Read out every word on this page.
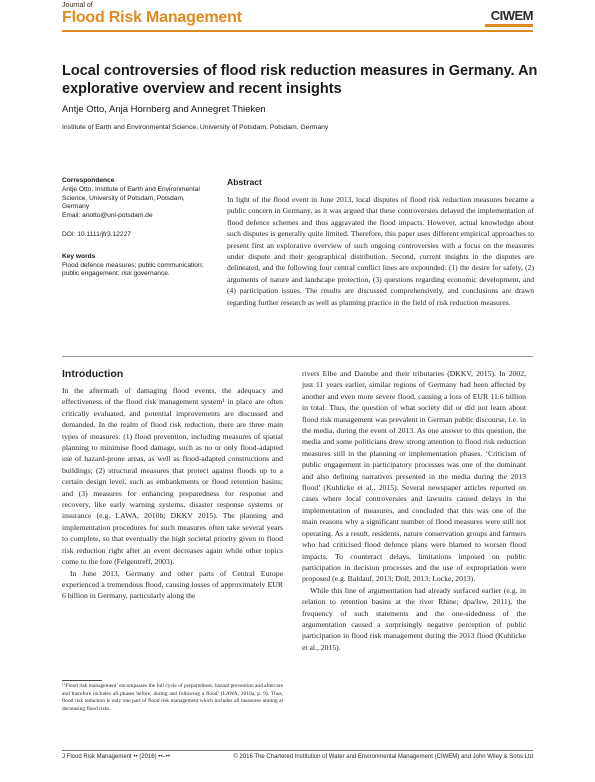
Journal of
Flood Risk Management	CIWEM
Local controversies of flood risk reduction measures in Germany. An explorative overview and recent insights
Antje Otto, Anja Hornberg and Annegret Thieken
Institute of Earth and Environmental Science, University of Potsdam, Potsdam, Germany

Correspondence

Antje Otto, Institute of Earth and Environmental Science, University of Potsdam, Potsdam, Germany

Email: anotto@uni-potsdam.de

DOI: 10.1111/jfr3.12227

Key words

Flood defence measures; public communication; public engagement; risk governance.

Abstract
In light of the flood event in June 2013, local disputes of flood risk reduction measures became a public concern in Germany, as it was argued that these controversies delayed the implementation of flood defence schemes and thus aggravated the flood impacts. However, actual knowledge about such disputes is generally quite limited. Therefore, this paper uses different empirical approaches to present first an explorative overview of such ongoing controversies with a focus on the measures under dispute and their geographical distribution. Second, current insights in the disputes are delineated, and the following four central conflict lines are expounded: (1) the desire for safety, (2) arguments of nature and landscape protection, (3) questions regarding economic development, and (4) participation issues. The results are discussed comprehensively, and conclusions are drawn regarding further research as well as planning practice in the field of risk reduction measures.
Introduction

In the aftermath of damaging flood events, the adequacy and effectiveness of the flood risk management system¹ in place are often critically evaluated, and potential improvements are discussed and demanded. In the realm of flood risk reduction, there are three main types of measures: (1) flood prevention, including measures of spatial planning to minimise flood damage, such as no or only flood-adapted use of hazard-prone areas, as well as flood-adapted constructions and buildings; (2) structural measures that protect against floods up to a certain design level, such as embankments or flood retention basins; and (3) measures for enhancing preparedness for response and recovery, like early warning systems, disaster response systems or insurance (e.g. LAWA, 2010b; DKKV 2015). The planning and implementation procedures for such measures often take several years to complete, so that eventually the high societal priority given to flood risk reduction right after an event decreases again while other topics come to the fore (Felgentreff, 2003).

In June 2013, Germany and other parts of Central Europe experienced a tremendous flood, causing losses of approximately EUR 6 billion in Germany, particularly along the

rivers Elbe and Danube and their tributaries (DKKV, 2015). In 2002, just 11 years earlier, similar regions of Germany had been affected by another and even more severe flood, causing a loss of EUR 11.6 billion in total. Thus, the question of what society did or did not learn about flood risk management was prevalent in German public discourse, i.e. in the media, during the event of 2013. As one answer to this question, the media and some politicians drew strong attention to flood risk reduction measures still in the planning or implementation phases. ‘Criticism of public engagement in participatory processes was one of the dominant and also defining narratives presented in the media during the 2013 flood’ (Kuhlicke et al., 2015). Several newspaper articles reported on cases where local controversies and lawsuits caused delays in the implementation of measures, and concluded that this was one of the main reasons why a significant number of flood measures were still not operating. As a result, residents, nature conservation groups and farmers who had criticised flood defence plans were blamed to worsen flood impacts. To counteract delays, limitations imposed on public participation in decision processes and the use of expropriation were proposed (e.g. Baldauf, 2013; Doll, 2013; Locke, 2013).

While this line of argumentation had already surfaced earlier (e.g. in relation to retention basins at the river Rhine; dpa/lsw, 2011), the frequency of such statements and the one-sidedness of the argumentation caused a surprisingly negative perception of public participation in flood risk management during the 2013 flood (Kuhlicke et al., 2015).

¹‘Flood risk management’ encompasses the full cycle of preparedness, hazard prevention and aftercare and therefore includes all phases before, during and following a flood’ (LAWA, 2010a, p. 9). Thus, flood risk reduction is only one part of flood risk management which includes all measures aiming at decreasing flood risks.
J Flood Risk Management •• (2016) ••–••	© 2016 The Chartered Institution of Water and Environmental Management (CIWEM) and John Wiley & Sons Ltd
